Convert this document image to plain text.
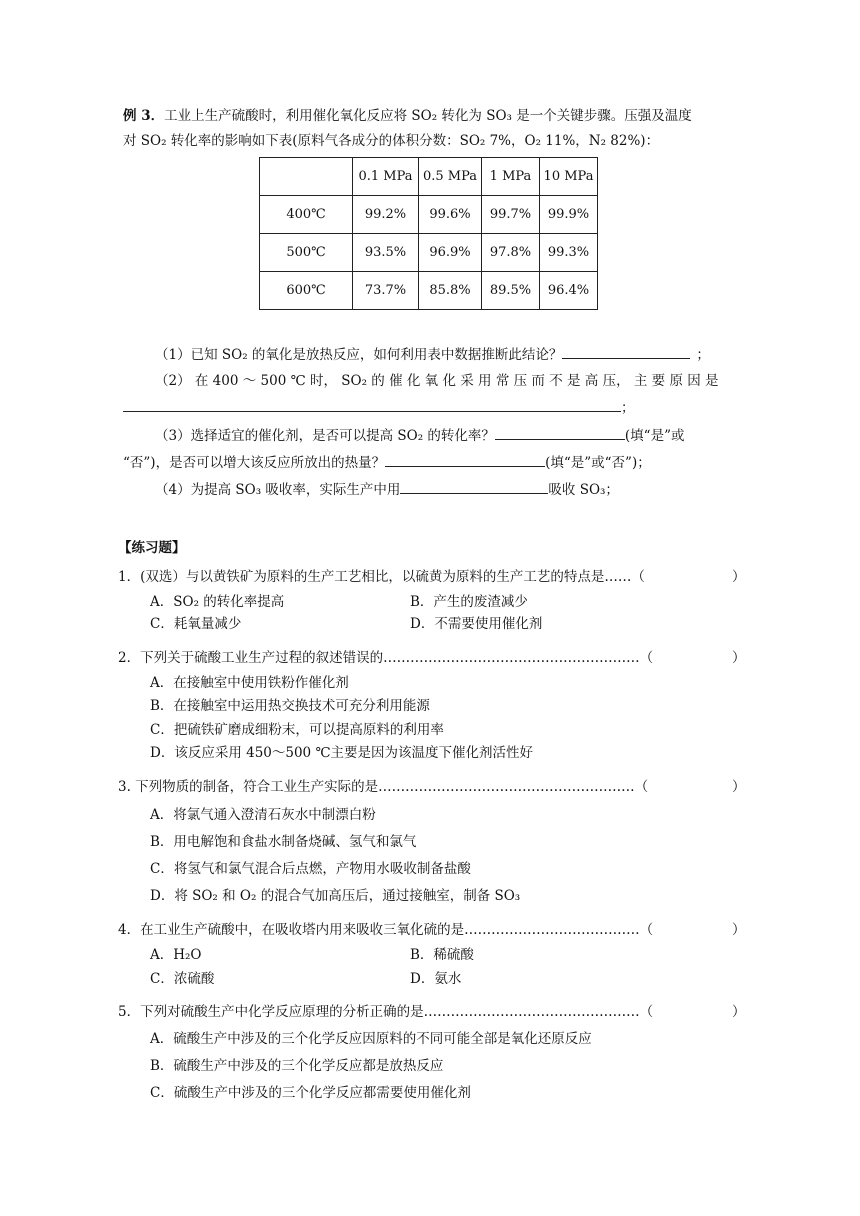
例 3．工业上生产硫酸时，利用催化氧化反应将 SO₂ 转化为 SO₃ 是一个关键步骤。压强及温度
对 SO₂ 转化率的影响如下表(原料气各成分的体积分数：SO₂ 7%，O₂ 11%，N₂ 82%)：
	0.1 MPa	0.5 MPa	1 MPa	10 MPa
400℃	99.2%	99.6%	99.7%	99.9%
500℃	93.5%	96.9%	97.8%	99.3%
600℃	73.7%	85.8%	89.5%	96.4%
（1）已知 SO₂ 的氧化是放热反应，如何利用表中数据推断此结论？	；
（2） 在 400 ～ 500 ℃ 时， SO₂ 的 催 化 氧 化 采 用 常 压 而 不 是 高 压， 主 要 原 因 是
；
（3）选择适宜的催化剂，是否可以提高 SO₂ 的转化率？	(填“是”或
“否”)，是否可以增大该反应所放出的热量？	(填“是”或“否”)；
（4）为提高 SO₃ 吸收率，实际生产中用	吸收 SO₃；
【练习题】
1．(双选）与以黄铁矿为原料的生产工艺相比，以硫黄为原料的生产工艺的特点是……（	）
A．SO₂ 的转化率提高	B．产生的废渣减少
C．耗氧量减少	D．不需要使用催化剂
2．下列关于硫酸工业生产过程的叙述错误的…………………………………………………（	）
A．在接触室中使用铁粉作催化剂
B．在接触室中运用热交换技术可充分利用能源
C．把硫铁矿磨成细粉末，可以提高原料的利用率
D．该反应采用 450～500 ℃主要是因为该温度下催化剂活性好
3. 下列物质的制备，符合工业生产实际的是…………………………………………………（	）
A．将氯气通入澄清石灰水中制漂白粉
B．用电解饱和食盐水制备烧碱、氢气和氯气
C．将氢气和氯气混合后点燃，产物用水吸收制备盐酸
D．将 SO₂ 和 O₂ 的混合气加高压后，通过接触室，制备 SO₃
4．在工业生产硫酸中，在吸收塔内用来吸收三氧化硫的是…………………………………（	）
A．H₂O	B．稀硫酸
C．浓硫酸	D．氨水
5．下列对硫酸生产中化学反应原理的分析正确的是…………………………………………（	）
A．硫酸生产中涉及的三个化学反应因原料的不同可能全部是氧化还原反应
B．硫酸生产中涉及的三个化学反应都是放热反应
C．硫酸生产中涉及的三个化学反应都需要使用催化剂
